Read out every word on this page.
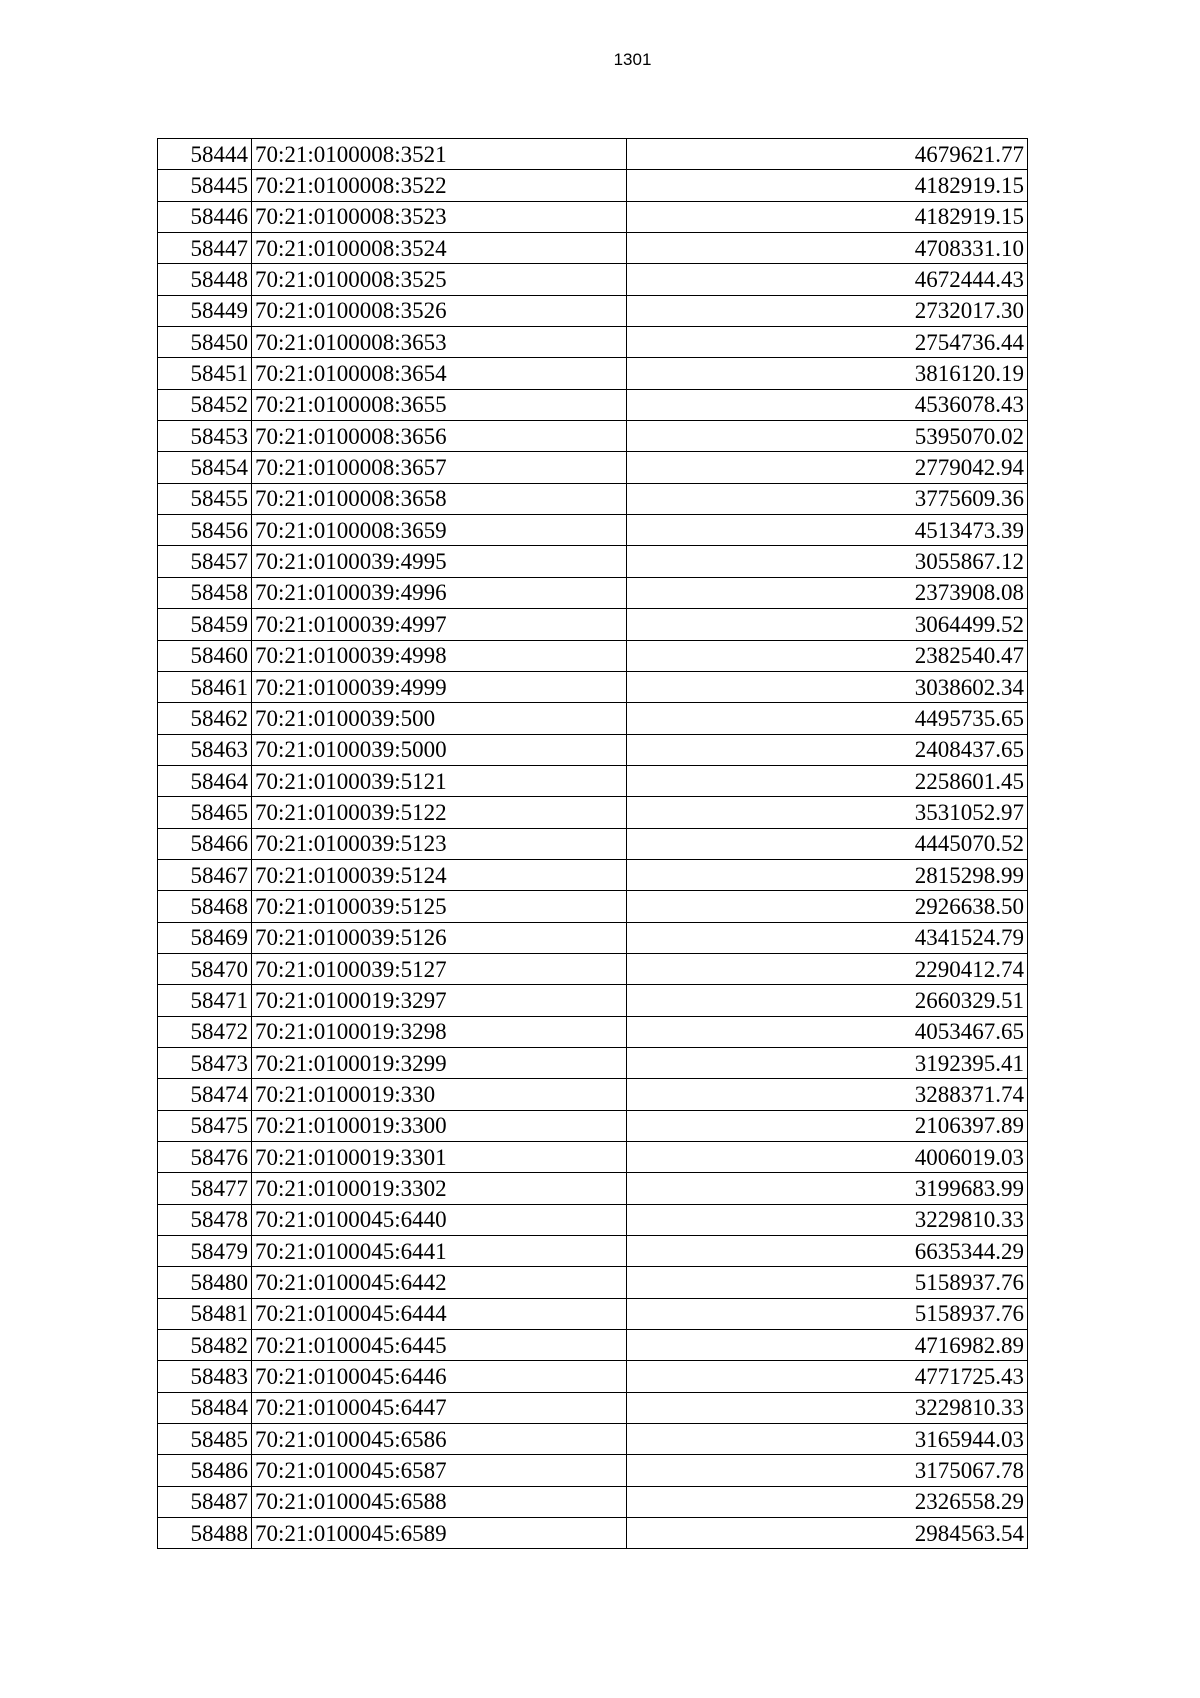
1301
58444	70:21:0100008:3521	4679621.77
58445	70:21:0100008:3522	4182919.15
58446	70:21:0100008:3523	4182919.15
58447	70:21:0100008:3524	4708331.10
58448	70:21:0100008:3525	4672444.43
58449	70:21:0100008:3526	2732017.30
58450	70:21:0100008:3653	2754736.44
58451	70:21:0100008:3654	3816120.19
58452	70:21:0100008:3655	4536078.43
58453	70:21:0100008:3656	5395070.02
58454	70:21:0100008:3657	2779042.94
58455	70:21:0100008:3658	3775609.36
58456	70:21:0100008:3659	4513473.39
58457	70:21:0100039:4995	3055867.12
58458	70:21:0100039:4996	2373908.08
58459	70:21:0100039:4997	3064499.52
58460	70:21:0100039:4998	2382540.47
58461	70:21:0100039:4999	3038602.34
58462	70:21:0100039:500	4495735.65
58463	70:21:0100039:5000	2408437.65
58464	70:21:0100039:5121	2258601.45
58465	70:21:0100039:5122	3531052.97
58466	70:21:0100039:5123	4445070.52
58467	70:21:0100039:5124	2815298.99
58468	70:21:0100039:5125	2926638.50
58469	70:21:0100039:5126	4341524.79
58470	70:21:0100039:5127	2290412.74
58471	70:21:0100019:3297	2660329.51
58472	70:21:0100019:3298	4053467.65
58473	70:21:0100019:3299	3192395.41
58474	70:21:0100019:330	3288371.74
58475	70:21:0100019:3300	2106397.89
58476	70:21:0100019:3301	4006019.03
58477	70:21:0100019:3302	3199683.99
58478	70:21:0100045:6440	3229810.33
58479	70:21:0100045:6441	6635344.29
58480	70:21:0100045:6442	5158937.76
58481	70:21:0100045:6444	5158937.76
58482	70:21:0100045:6445	4716982.89
58483	70:21:0100045:6446	4771725.43
58484	70:21:0100045:6447	3229810.33
58485	70:21:0100045:6586	3165944.03
58486	70:21:0100045:6587	3175067.78
58487	70:21:0100045:6588	2326558.29
58488	70:21:0100045:6589	2984563.54
